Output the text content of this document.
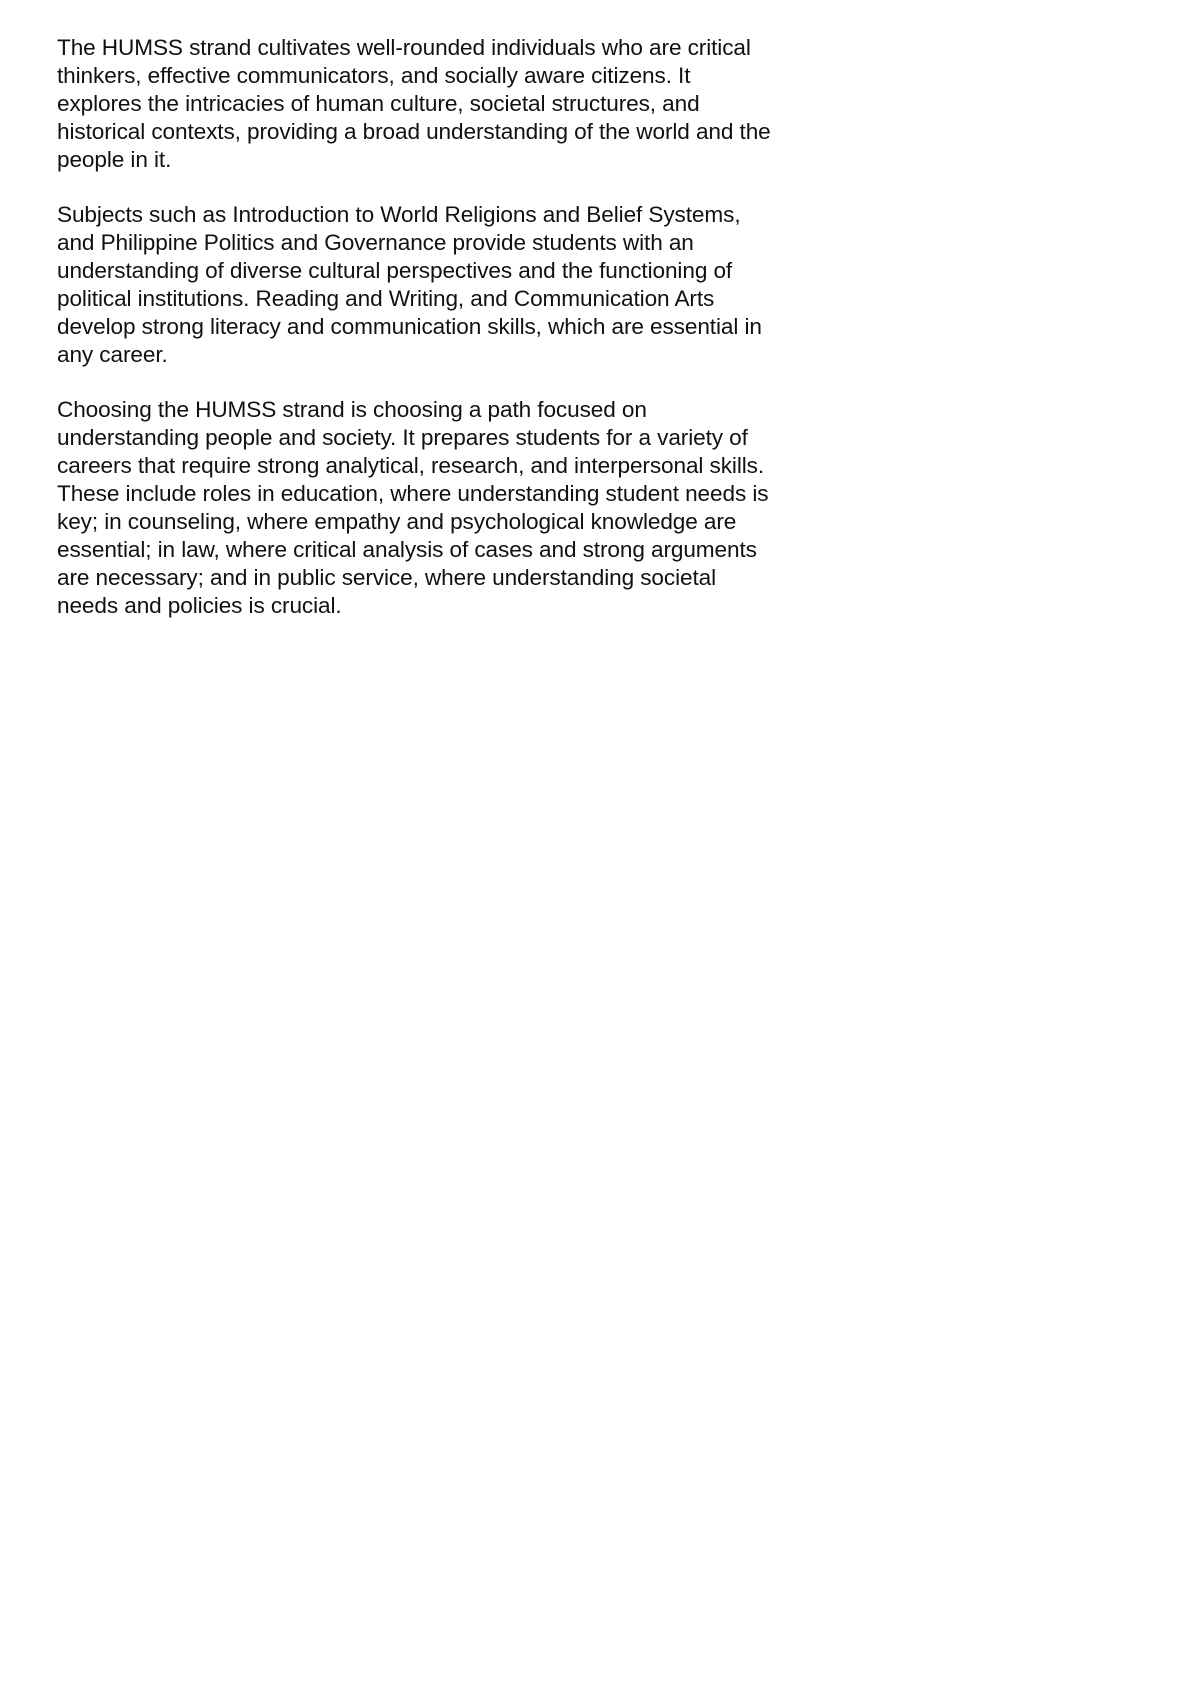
The HUMSS strand cultivates well-rounded individuals who are critical
thinkers, effective communicators, and socially aware citizens. It
explores the intricacies of human culture, societal structures, and
historical contexts, providing a broad understanding of the world and the
people in it.

Subjects such as Introduction to World Religions and Belief Systems,
and Philippine Politics and Governance provide students with an
understanding of diverse cultural perspectives and the functioning of
political institutions. Reading and Writing, and Communication Arts
develop strong literacy and communication skills, which are essential in
any career.

Choosing the HUMSS strand is choosing a path focused on
understanding people and society. It prepares students for a variety of
careers that require strong analytical, research, and interpersonal skills.
These include roles in education, where understanding student needs is
key; in counseling, where empathy and psychological knowledge are
essential; in law, where critical analysis of cases and strong arguments
are necessary; and in public service, where understanding societal
needs and policies is crucial.
